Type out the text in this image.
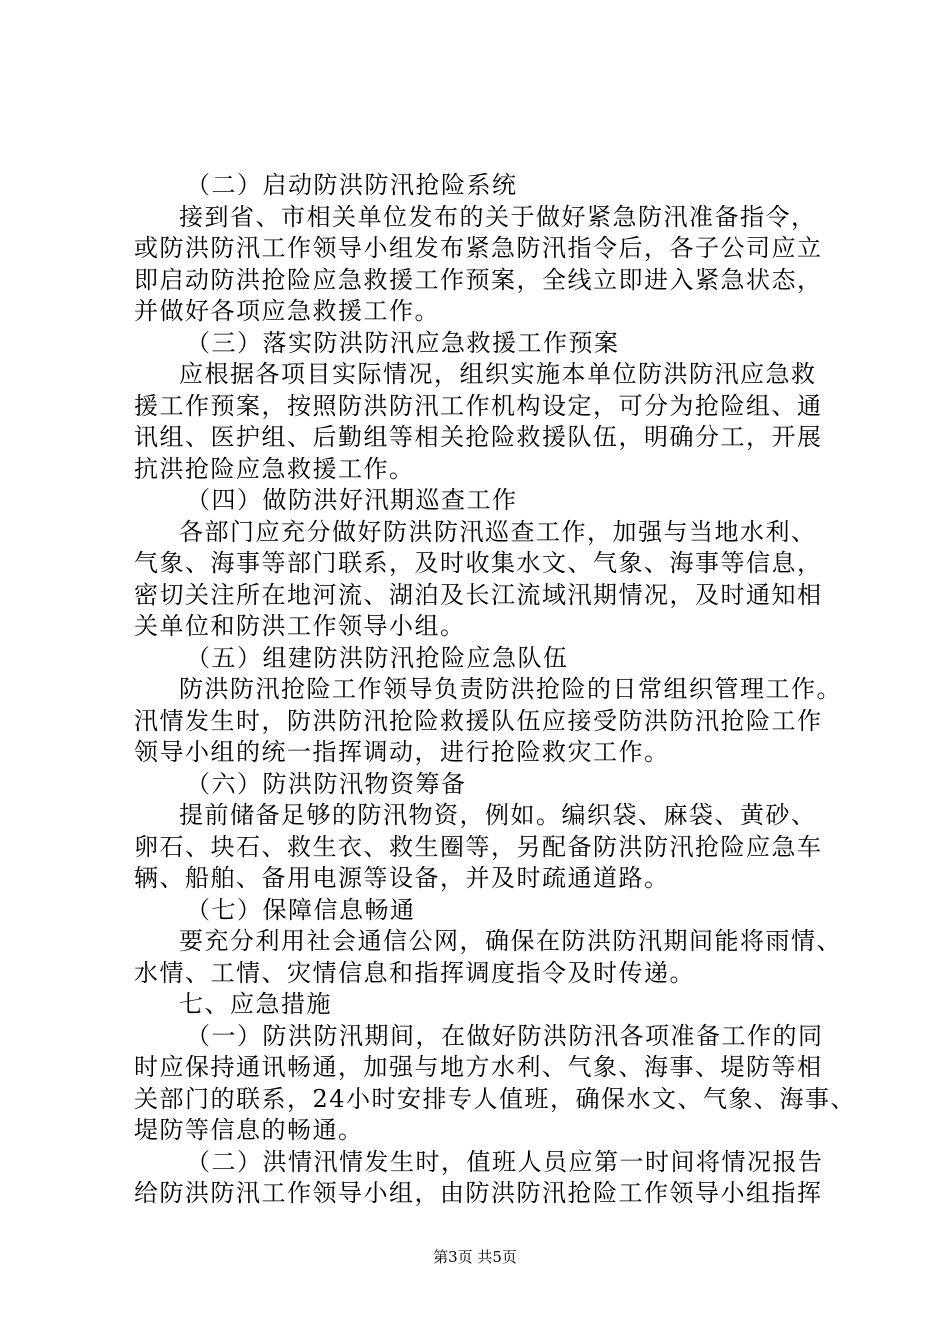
（二）启动防洪防汛抢险系统
接到省、市相关单位发布的关于做好紧急防汛准备指令，
或防洪防汛工作领导小组发布紧急防汛指令后，各子公司应立
即启动防洪抢险应急救援工作预案，全线立即进入紧急状态，
并做好各项应急救援工作。
（三）落实防洪防汛应急救援工作预案
应根据各项目实际情况，组织实施本单位防洪防汛应急救
援工作预案，按照防洪防汛工作机构设定，可分为抢险组、通
讯组、医护组、后勤组等相关抢险救援队伍，明确分工，开展
抗洪抢险应急救援工作。
（四）做防洪好汛期巡查工作
各部门应充分做好防洪防汛巡查工作，加强与当地水利、
气象、海事等部门联系，及时收集水文、气象、海事等信息，
密切关注所在地河流、湖泊及长江流域汛期情况，及时通知相
关单位和防洪工作领导小组。
（五）组建防洪防汛抢险应急队伍
防洪防汛抢险工作领导负责防洪抢险的日常组织管理工作。
汛情发生时，防洪防汛抢险救援队伍应接受防洪防汛抢险工作
领导小组的统一指挥调动，进行抢险救灾工作。
（六）防洪防汛物资筹备
提前储备足够的防汛物资，例如。编织袋、麻袋、黄砂、
卵石、块石、救生衣、救生圈等，另配备防洪防汛抢险应急车
辆、船舶、备用电源等设备，并及时疏通道路。
（七）保障信息畅通
要充分利用社会通信公网，确保在防洪防汛期间能将雨情、
水情、工情、灾情信息和指挥调度指令及时传递。
七、应急措施
（一）防洪防汛期间，在做好防洪防汛各项准备工作的同
时应保持通讯畅通，加强与地方水利、气象、海事、堤防等相
关部门的联系，24小时安排专人值班，确保水文、气象、海事、
堤防等信息的畅通。
（二）洪情汛情发生时，值班人员应第一时间将情况报告
给防洪防汛工作领导小组，由防洪防汛抢险工作领导小组指挥
第3页 共5页
